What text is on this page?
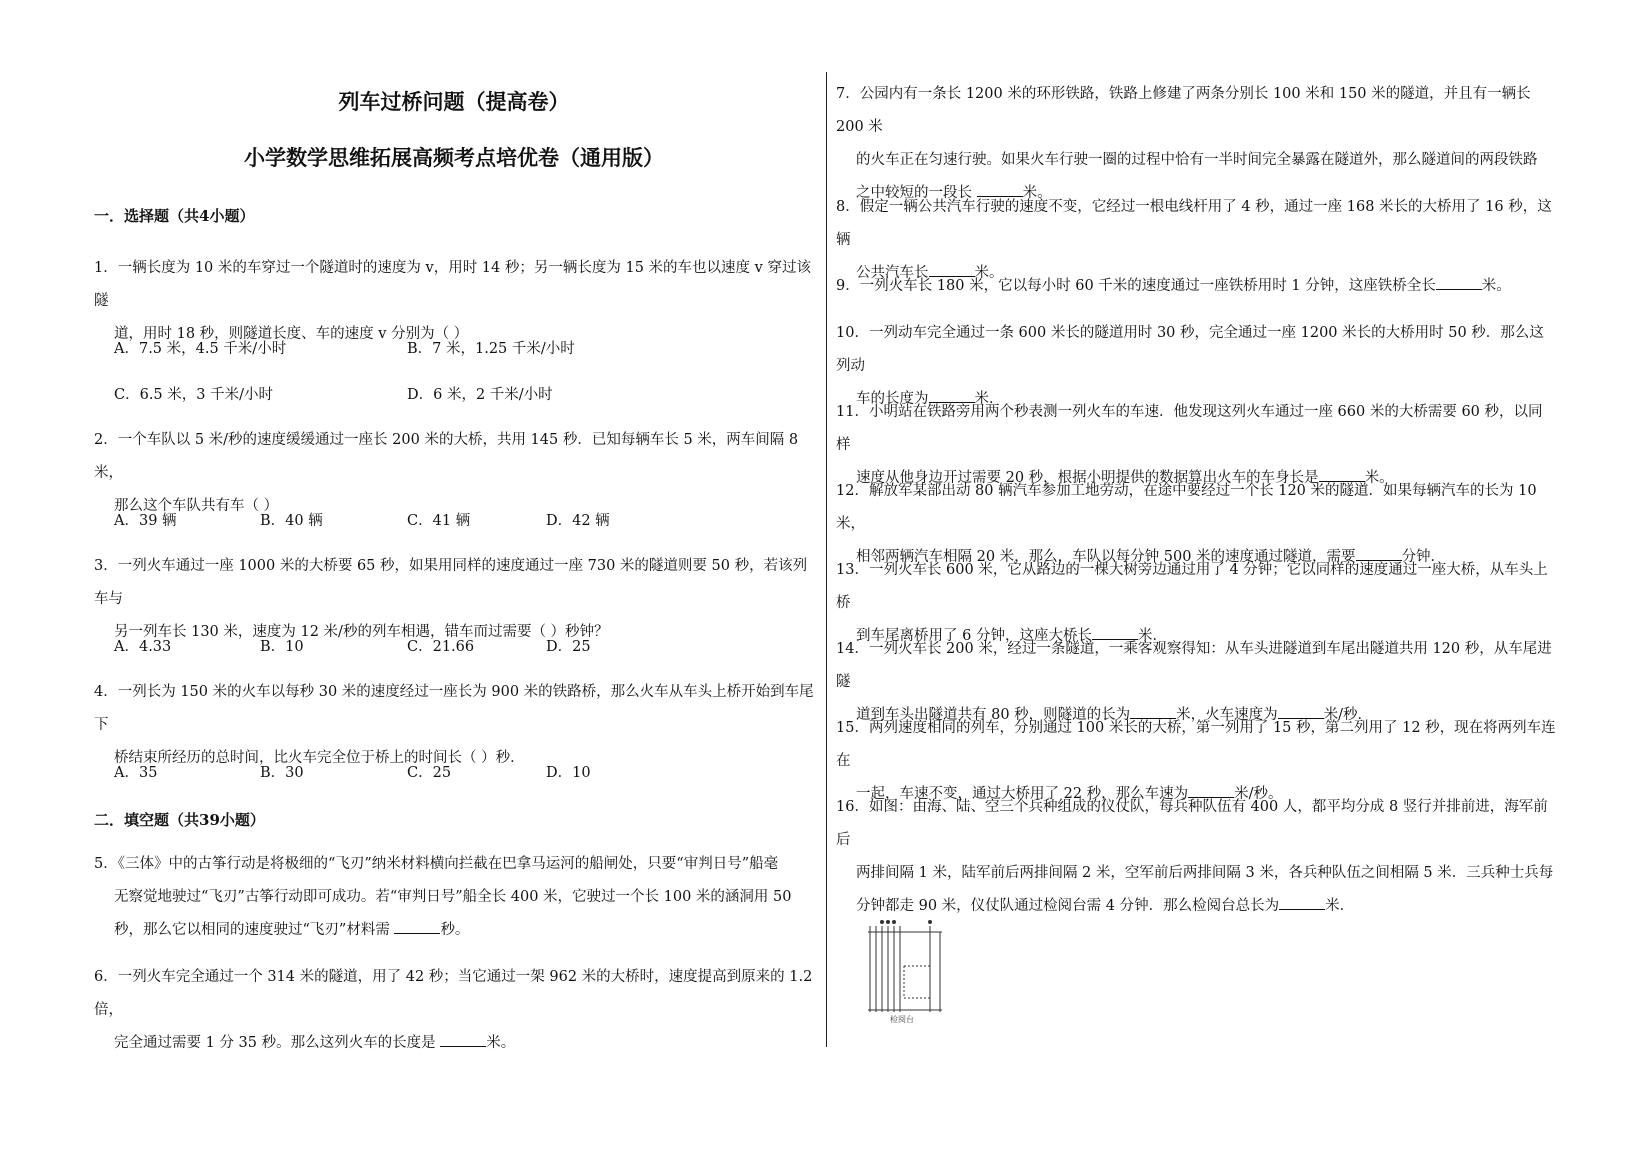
列车过桥问题（提高卷）
小学数学思维拓展高频考点培优卷（通用版）
一．选择题（共4小题）
1．一辆长度为 10 米的车穿过一个隧道时的速度为 v，用时 14 秒；另一辆长度为 15 米的车也以速度 v 穿过该隧
道，用时 18 秒，则隧道长度、车的速度 v 分别为（ ）
A．7.5 米，4.5 千米/小时	B．7 米，1.25 千米/小时
C．6.5 米，3 千米/小时	D．6 米，2 千米/小时
2．一个车队以 5 米/秒的速度缓缓通过一座长 200 米的大桥，共用 145 秒．已知每辆车长 5 米，两车间隔 8 米，
那么这个车队共有车（ ）
A．39 辆	B．40 辆	C．41 辆	D．42 辆
3．一列火车通过一座 1000 米的大桥要 65 秒，如果用同样的速度通过一座 730 米的隧道则要 50 秒，若该列车与
另一列车长 130 米，速度为 12 米/秒的列车相遇，错车而过需要（ ）秒钟？
A．4.33	B．10	C．21.66	D．25
4．一列长为 150 米的火车以每秒 30 米的速度经过一座长为 900 米的铁路桥，那么火车从车头上桥开始到车尾下
桥结束所经历的总时间，比火车完全位于桥上的时间长（ ）秒．
A．35	B．30	C．25	D．10
二．填空题（共39小题）
5．《三体》中的古筝行动是将极细的“飞刃”纳米材料横向拦截在巴拿马运河的船闸处，只要“审判日号”船毫
无察觉地驶过“飞刃”古筝行动即可成功。若“审判日号”船全长 400 米，它驶过一个长 100 米的涵洞用 50
秒，那么它以相同的速度驶过“飞刃”材料需	秒。
6．一列火车完全通过一个 314 米的隧道，用了 42 秒；当它通过一架 962 米的大桥时，速度提高到原来的 1.2 倍，
完全通过需要 1 分 35 秒。那么这列火车的长度是	米。
7．公园内有一条长 1200 米的环形铁路，铁路上修建了两条分别长 100 米和 150 米的隧道，并且有一辆长 200 米
的火车正在匀速行驶。如果火车行驶一圈的过程中恰有一半时间完全暴露在隧道外，那么隧道间的两段铁路
之中较短的一段长	米。
8．假定一辆公共汽车行驶的速度不变，它经过一根电线杆用了 4 秒，通过一座 168 米长的大桥用了 16 秒，这辆
公共汽车长	米。
9．一列火车长 180 米，它以每小时 60 千米的速度通过一座铁桥用时 1 分钟，这座铁桥全长	米。
10．一列动车完全通过一条 600 米长的隧道用时 30 秒，完全通过一座 1200 米长的大桥用时 50 秒．那么这列动
车的长度为	米．
11．小明站在铁路旁用两个秒表测一列火车的车速．他发现这列火车通过一座 660 米的大桥需要 60 秒，以同样
速度从他身边开过需要 20 秒，根据小明提供的数据算出火车的车身长是	米。
12．解放军某部出动 80 辆汽车参加工地劳动，在途中要经过一个长 120 米的隧道．如果每辆汽车的长为 10 米，
相邻两辆汽车相隔 20 米，那么，车队以每分钟 500 米的速度通过隧道，需要	分钟．
13．一列火车长 600 米，它从路边的一棵大树旁边通过用了 4 分钟；它以同样的速度通过一座大桥，从车头上桥
到车尾离桥用了 6 分钟，这座大桥长	米．
14．一列火车长 200 米，经过一条隧道，一乘客观察得知：从车头进隧道到车尾出隧道共用 120 秒，从车尾进隧
道到车头出隧道共有 80 秒，则隧道的长为	米，火车速度为	米/秒．
15．两列速度相同的列车，分别通过 100 米长的大桥，第一列用了 15 秒，第二列用了 12 秒，现在将两列车连在
一起，车速不变，通过大桥用了 22 秒，那么车速为	米/秒。
16．如图：由海、陆、空三个兵种组成的仪仗队，每兵种队伍有 400 人，都平均分成 8 竖行并排前进，海军前后
两排间隔 1 米，陆军前后两排间隔 2 米，空军前后两排间隔 3 米，各兵种队伍之间相隔 5 米．三兵种士兵每
分钟都走 90 米，仪仗队通过检阅台需 4 分钟．那么检阅台总长为	米．
检阅台
